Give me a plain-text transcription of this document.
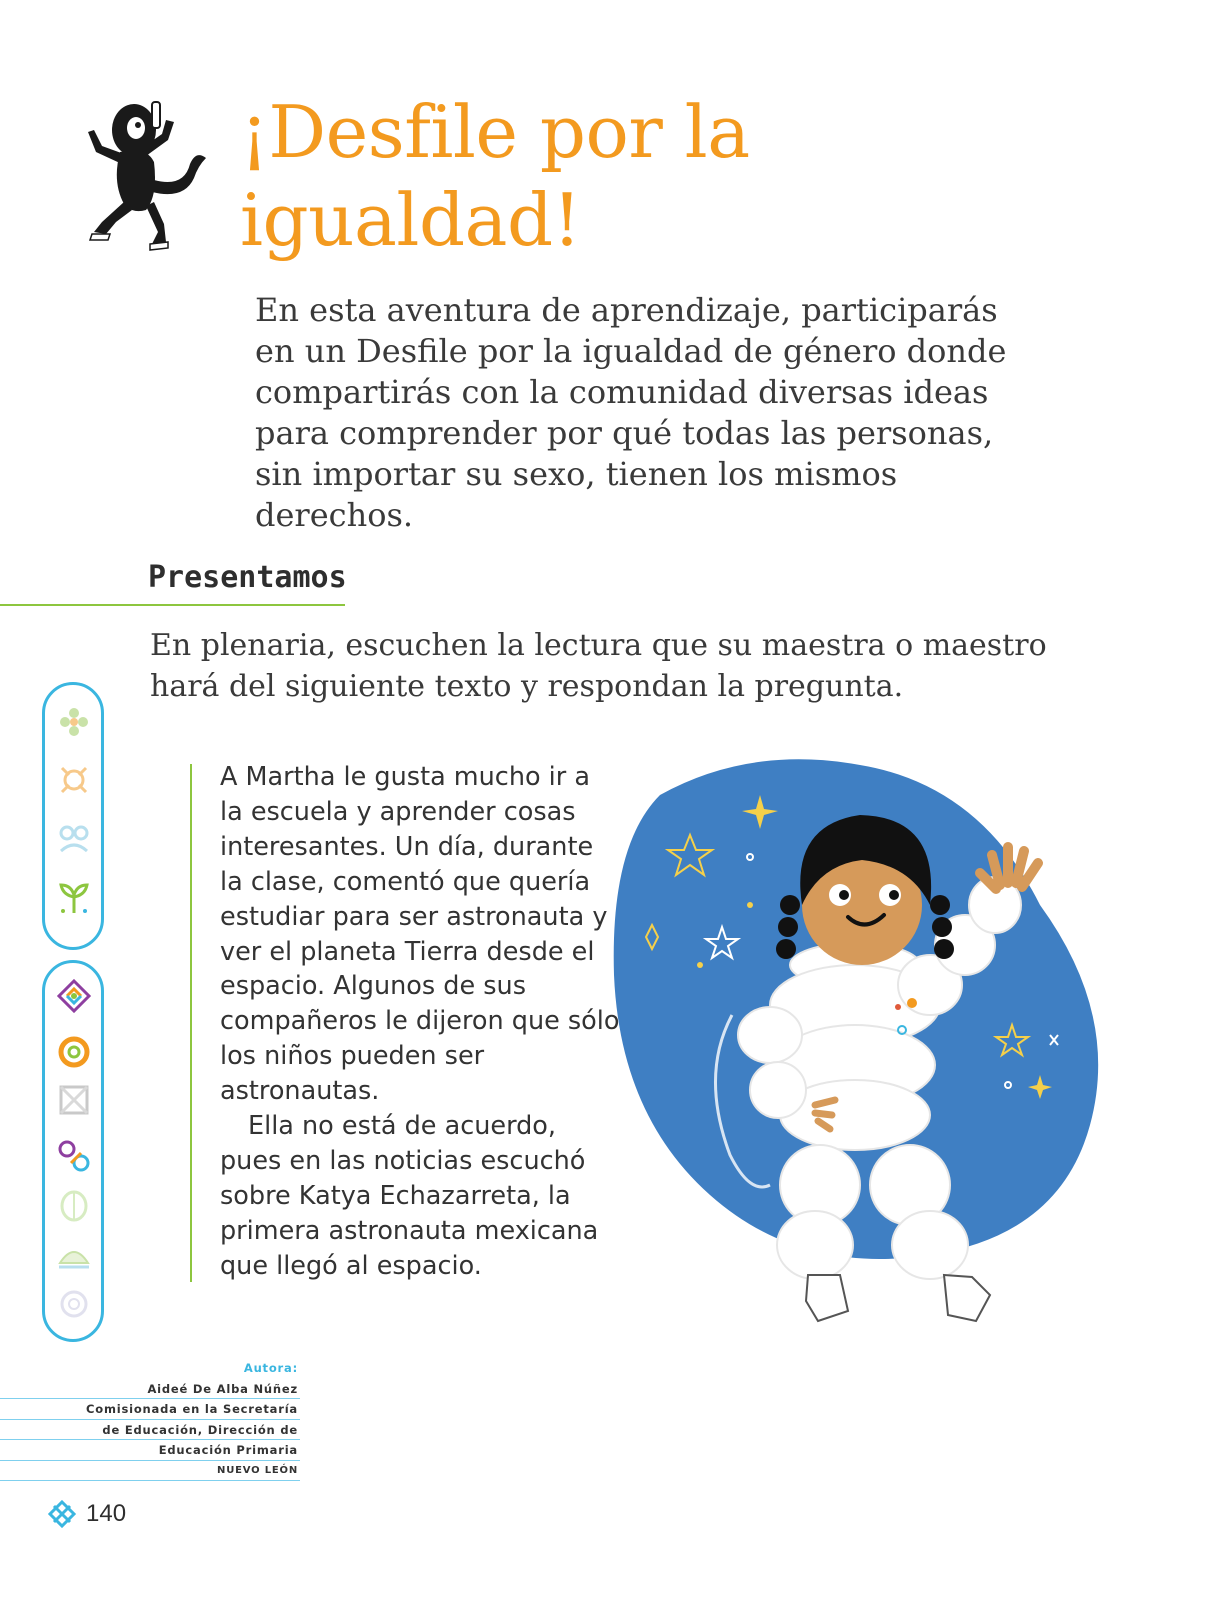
¡Desfile por la
igualdad!

En esta aventura de aprendizaje, participarás en un Desfile por la igualdad de género donde compartirás con la comunidad diversas ideas para comprender por qué todas las personas, sin importar su sexo, tienen los mismos derechos.

Presentamos

En plenaria, escuchen la lectura que su maestra o maestro hará del siguiente texto y respondan la pregunta.

A Martha le gusta mucho ir a la escuela y aprender cosas interesantes. Un día, durante la clase, comentó que quería estudiar para ser astronauta y ver el planeta Tierra desde el espacio. Algunos de sus compañeros le dijeron que sólo los niños pueden ser astronautas.

Ella no está de acuerdo, pues en las noticias escuchó sobre Katya Echazarreta, la primera astronauta mexicana que llegó al espacio.

Autora:
Aideé De Alba Núñez
Comisionada en la Secretaría
de Educación, Dirección de
Educación Primaria
NUEVO LEÓN
140
